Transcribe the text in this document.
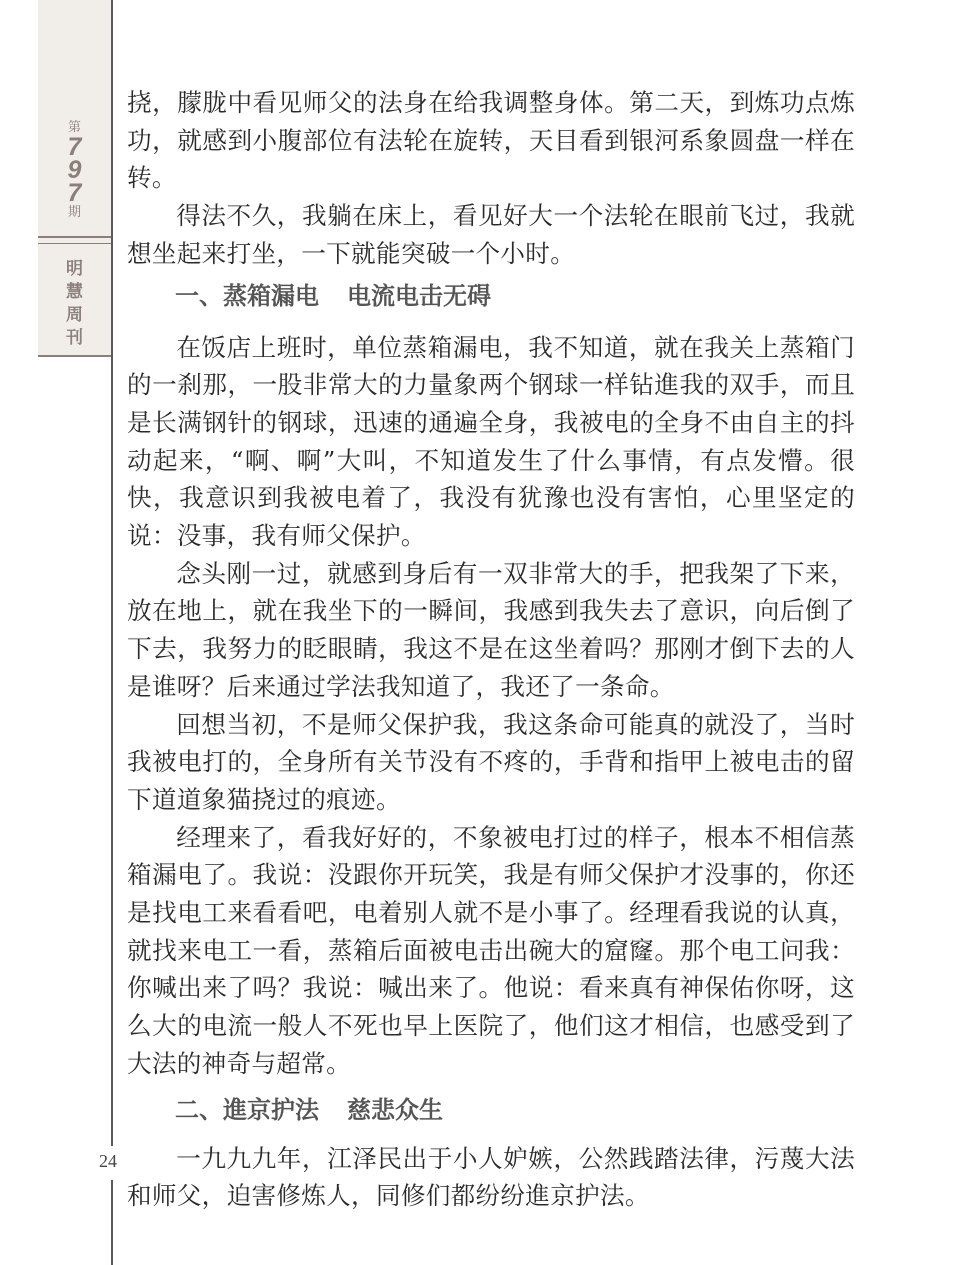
第
7
9
7
期
明
慧
周
刊
24

挠，朦胧中看见师父的法身在给我调整身体。第二天，到炼功点炼功，就感到小腹部位有法轮在旋转，天目看到银河系象圆盘一样在转。

得法不久，我躺在床上，看见好大一个法轮在眼前飞过，我就想坐起来打坐，一下就能突破一个小时。

一、蒸箱漏电 电流电击无碍

在饭店上班时，单位蒸箱漏电，我不知道，就在我关上蒸箱门的一刹那，一股非常大的力量象两个钢球一样钻進我的双手，而且是长满钢针的钢球，迅速的通遍全身，我被电的全身不由自主的抖动起来，“啊、啊”大叫，不知道发生了什么事情，有点发懵。很快，我意识到我被电着了，我没有犹豫也没有害怕，心里坚定的说：没事，我有师父保护。

念头刚一过，就感到身后有一双非常大的手，把我架了下来，放在地上，就在我坐下的一瞬间，我感到我失去了意识，向后倒了下去，我努力的眨眼睛，我这不是在这坐着吗？那刚才倒下去的人是谁呀？后来通过学法我知道了，我还了一条命。

回想当初，不是师父保护我，我这条命可能真的就没了，当时我被电打的，全身所有关节没有不疼的，手背和指甲上被电击的留下道道象猫挠过的痕迹。

经理来了，看我好好的，不象被电打过的样子，根本不相信蒸箱漏电了。我说：没跟你开玩笑，我是有师父保护才没事的，你还是找电工来看看吧，电着别人就不是小事了。经理看我说的认真，就找来电工一看，蒸箱后面被电击出碗大的窟窿。那个电工问我：你喊出来了吗？我说：喊出来了。他说：看来真有神保佑你呀，这么大的电流一般人不死也早上医院了，他们这才相信，也感受到了大法的神奇与超常。

二、進京护法 慈悲众生

一九九九年，江泽民出于小人妒嫉，公然践踏法律，污蔑大法和师父，迫害修炼人，同修们都纷纷進京护法。
